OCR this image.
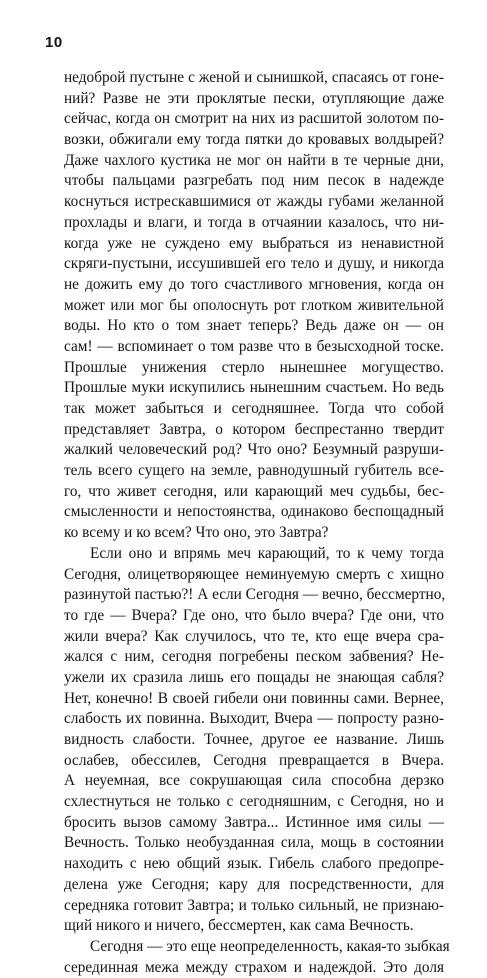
10
недоброй пустыне с женой и сынишкой, спасаясь от гоне-
ний? Разве не эти проклятые пески, отупляющие даже
сейчас, когда он смотрит на них из расшитой золотом по-
возки, обжигали ему тогда пятки до кровавых волдырей?
Даже чахлого кустика не мог он найти в те черные дни,
чтобы пальцами разгребать под ним песок в надежде
коснуться истрескавшимися от жажды губами желанной
прохлады и влаги, и тогда в отчаянии казалось, что ни-
когда уже не суждено ему выбраться из ненавистной
скряги-пустыни, иссушившей его тело и душу, и никогда
не дожить ему до того счастливого мгновения, когда он
может или мог бы ополоснуть рот глотком живительной
воды. Но кто о том знает теперь? Ведь даже он — он
сам! — вспоминает о том разве что в безысходной тоске.
Прошлые унижения стерло нынешнее могущество.
Прошлые муки искупились нынешним счастьем. Но ведь
так может забыться и сегодняшнее. Тогда что собой
представляет Завтра, о котором беспрестанно твердит
жалкий человеческий род? Что оно? Безумный разруши-
тель всего сущего на земле, равнодушный губитель все-
го, что живет сегодня, или карающий меч судьбы, бес-
смысленности и непостоянства, одинаково беспощадный
ко всему и ко всем? Что оно, это Завтра?
Если оно и впрямь меч карающий, то к чему тогда
Сегодня, олицетворяющее неминуемую смерть с хищно
разинутой пастью?! А если Сегодня — вечно, бессмертно,
то где — Вчера? Где оно, что было вчера? Где они, что
жили вчера? Как случилось, что те, кто еще вчера сра-
жался с ним, сегодня погребены песком забвения? Не-
ужели их сразила лишь его пощады не знающая сабля?
Нет, конечно! В своей гибели они повинны сами. Вернее,
слабость их повинна. Выходит, Вчера — попросту разно-
видность слабости. Точнее, другое ее название. Лишь
ослабев, обессилев, Сегодня превращается в Вчера.
А неуемная, все сокрушающая сила способна дерзко
схлестнуться не только с сегодняшним, с Сегодня, но и
бросить вызов самому Завтра... Истинное имя силы —
Вечность. Только необузданная сила, мощь в состоянии
находить с нею общий язык. Гибель слабого предопре-
делена уже Сегодня; кару для посредственности, для
середняка готовит Завтра; и только сильный, не признаю-
щий никого и ничего, бессмертен, как сама Вечность.
Сегодня — это еще неопределенность, какая-то зыбкая
серединная межа между страхом и надеждой. Это доля
